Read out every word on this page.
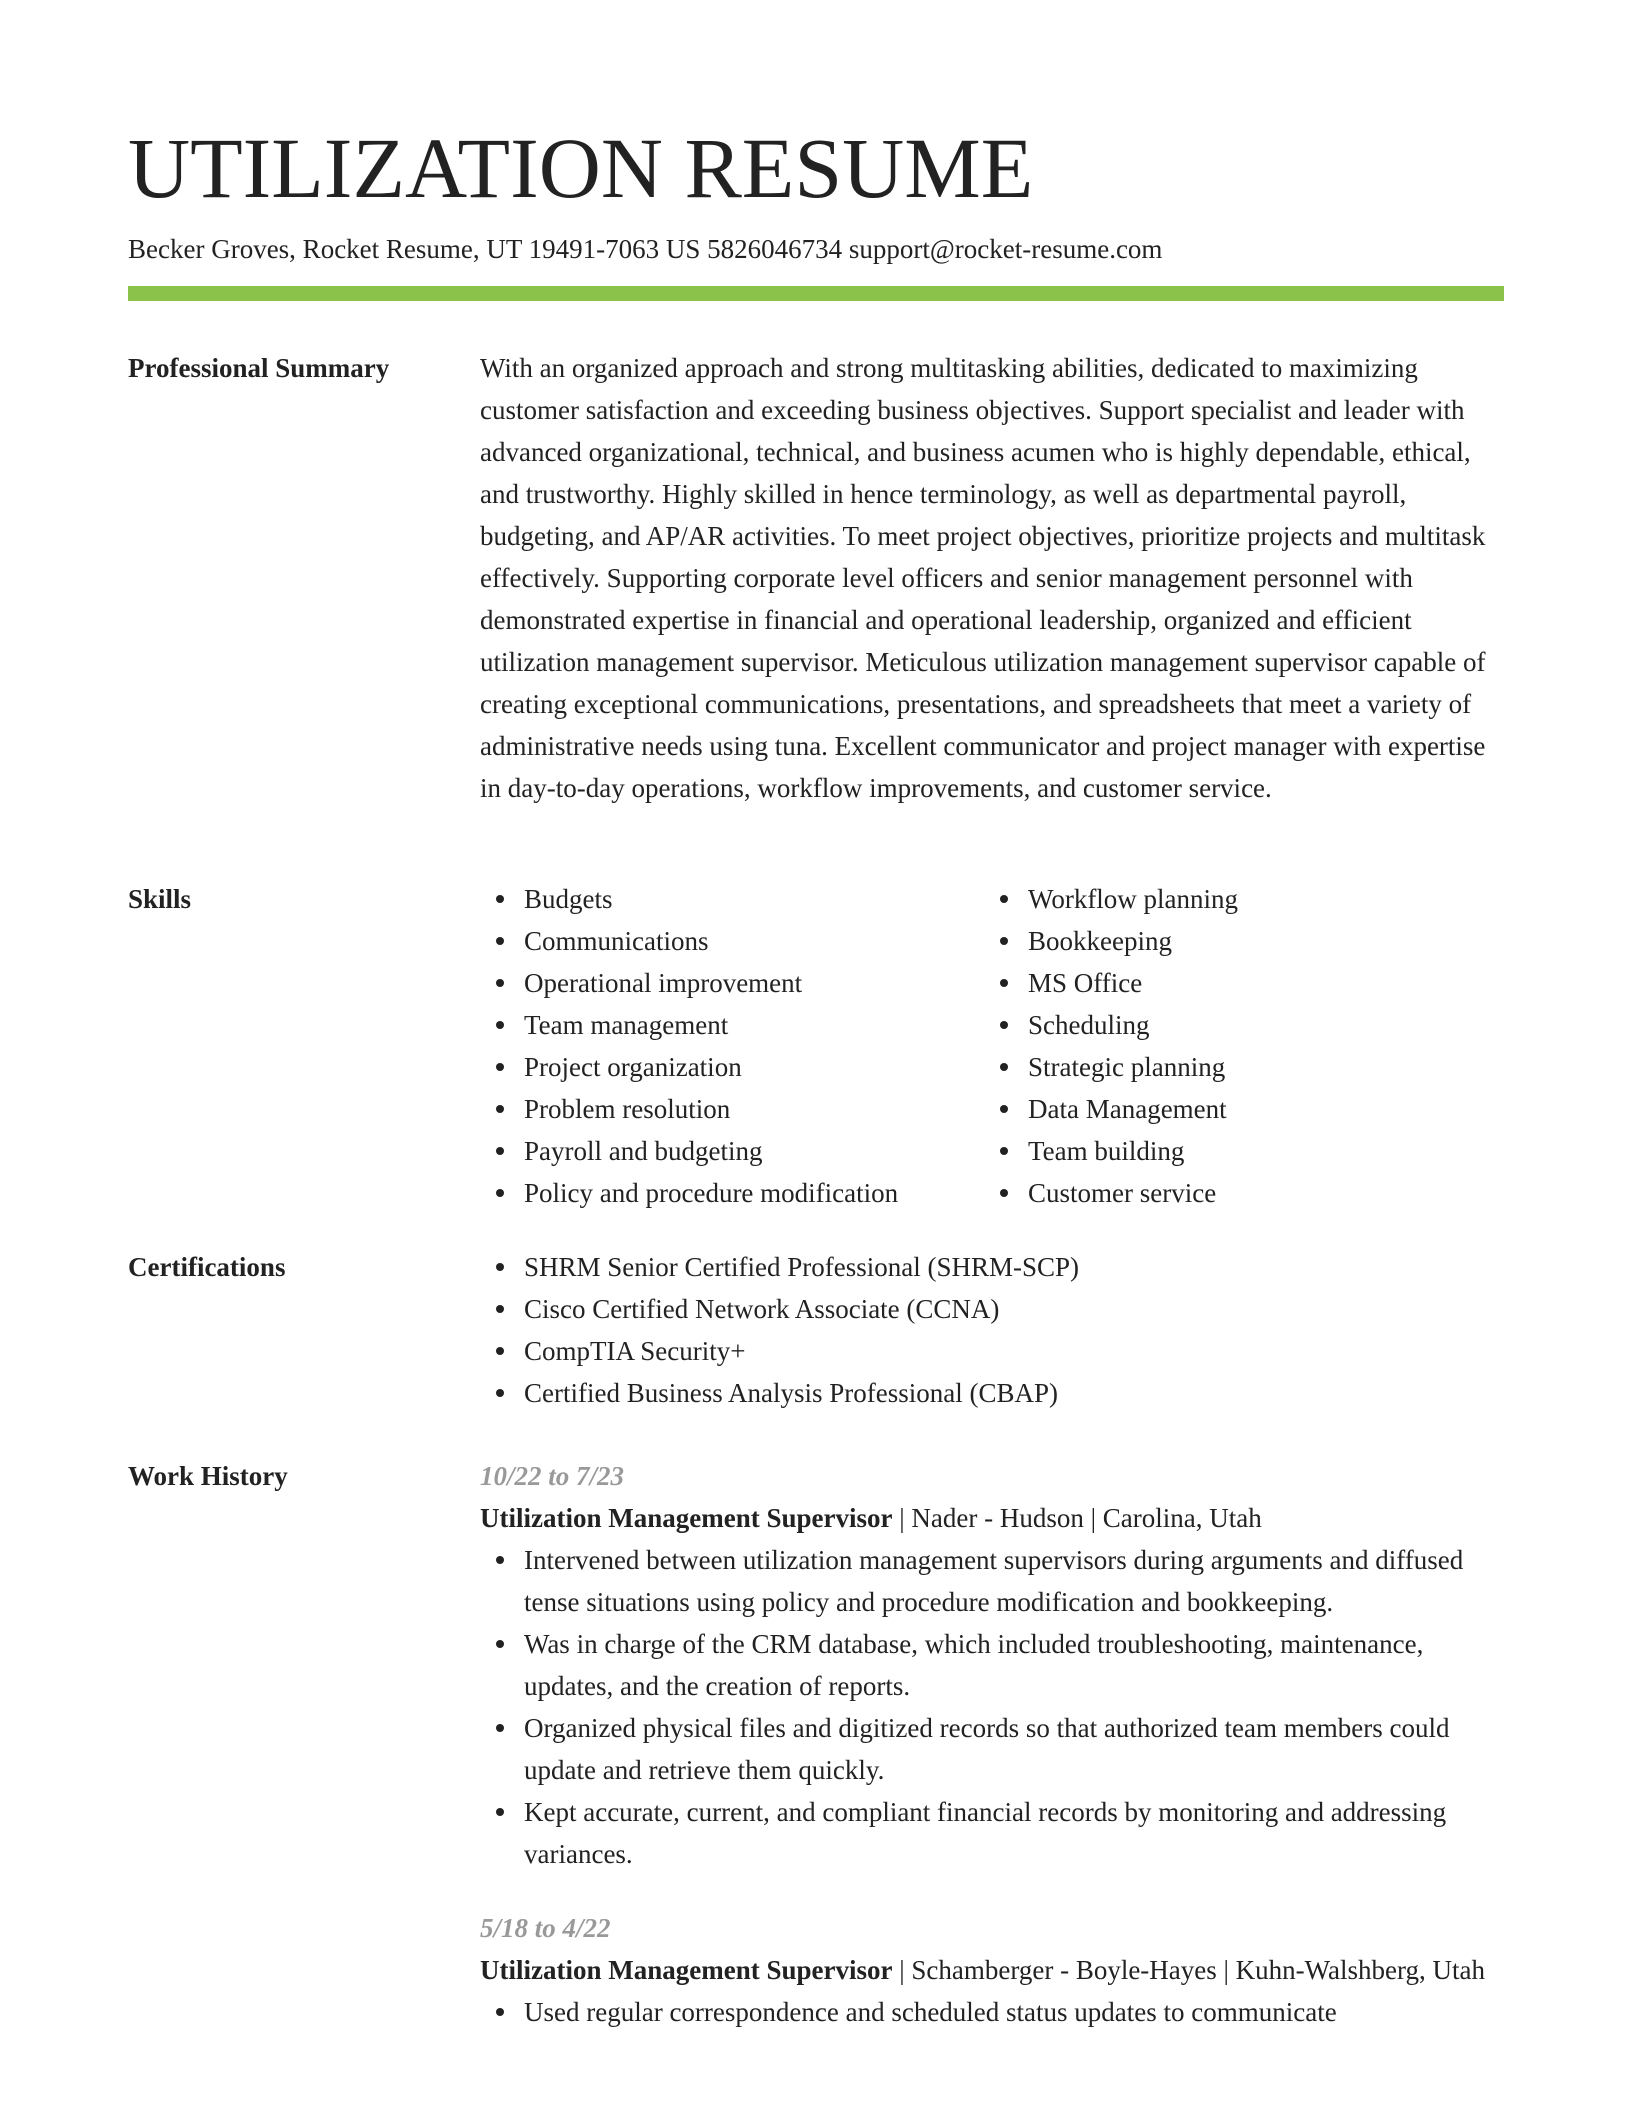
UTILIZATION RESUME
Becker Groves, Rocket Resume, UT 19491-7063 US 5826046734 support@rocket-resume.com
Professional Summary	With an organized approach and strong multitasking abilities, dedicated to maximizing customer satisfaction and exceeding business objectives. Support specialist and leader with advanced organizational, technical, and business acumen who is highly dependable, ethical, and trustworthy. Highly skilled in hence terminology, as well as departmental payroll, budgeting, and AP/AR activities. To meet project objectives, prioritize projects and multitask effectively. Supporting corporate level officers and senior management personnel with demonstrated expertise in financial and operational leadership, organized and efficient utilization management supervisor. Meticulous utilization management supervisor capable of creating exceptional communications, presentations, and spreadsheets that meet a variety of administrative needs using tuna. Excellent communicator and project manager with expertise in day-to-day operations, workflow improvements, and customer service.

Skills	Budgets
Communications
Operational improvement
Team management
Project organization
Problem resolution
Payroll and budgeting
Policy and procedure modification
Workflow planning
Bookkeeping
MS Office
Scheduling
Strategic planning
Data Management
Team building
Customer service
Certifications	SHRM Senior Certified Professional (SHRM-SCP)
Cisco Certified Network Associate (CCNA)
CompTIA Security+
Certified Business Analysis Professional (CBAP)
Work History	10/22 to 7/23
Utilization Management Supervisor | Nader - Hudson | Carolina, Utah
Intervened between utilization management supervisors during arguments and diffused tense situations using policy and procedure modification and bookkeeping.
Was in charge of the CRM database, which included troubleshooting, maintenance, updates, and the creation of reports.
Organized physical files and digitized records so that authorized team members could update and retrieve them quickly.
Kept accurate, current, and compliant financial records by monitoring and addressing variances.
5/18 to 4/22
Utilization Management Supervisor | Schamberger - Boyle-Hayes | Kuhn-Walshberg, Utah
Used regular correspondence and scheduled status updates to communicate
